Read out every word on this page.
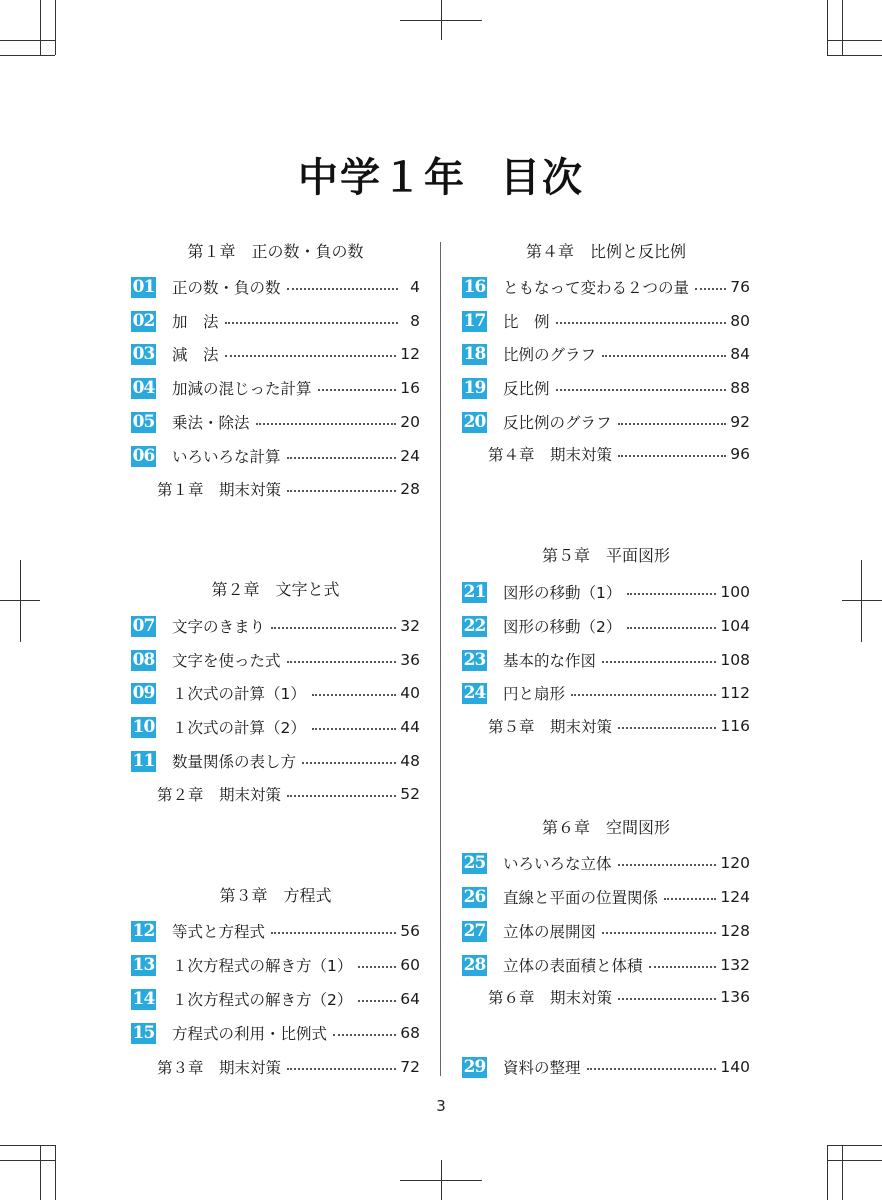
中学１年 目次
第１章 正の数・負の数
01 正の数・負の数	4
02 加　法	8
03 減　法	12
04 加減の混じった計算	16
05 乗法・除法	20
06 いろいろな計算	24
第１章　期末対策	28
第２章 文字と式
07 文字のきまり	32
08 文字を使った式	36
09 １次式の計算（1）	40
10 １次式の計算（2）	44
11 数量関係の表し方	48
第２章　期末対策	52
第３章 方程式
12 等式と方程式	56
13 １次方程式の解き方（1）	60
14 １次方程式の解き方（2）	64
15 方程式の利用・比例式	68
第３章　期末対策	72
第４章 比例と反比例
16 ともなって変わる２つの量	76
17 比　例	80
18 比例のグラフ	84
19 反比例	88
20 反比例のグラフ	92
第４章　期末対策	96
第５章 平面図形
21 図形の移動（1）	100
22 図形の移動（2）	104
23 基本的な作図	108
24 円と扇形	112
第５章　期末対策	116
第６章 空間図形
25 いろいろな立体	120
26 直線と平面の位置関係	124
27 立体の展開図	128
28 立体の表面積と体積	132
第６章　期末対策	136
29 資料の整理	140
3
